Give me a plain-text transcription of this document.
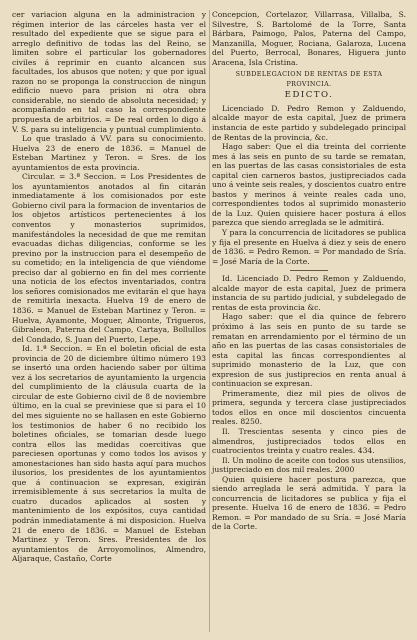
cer variacion alguna en la administracion y régimen interior de las cárceles hasta ver el resultado del expediente que se sigue para el arreglo definitivo de todas las del Reino, se limiten sobre el particular los gobernadores civiles á reprimir en cuanto alcancen sus facultades, los abusos que noten; y que por igual razon no se proponga la construccion de ningun edificio nuevo para prision ni otra obra considerable, no siendo de absoluta necesidad; y acompañando en tal caso la correspondiente propuesta de arbitrios. = De real orden lo digo á V. S. para su inteligencia y puntual cumplimiento.

Lo que traslado á VV. para su conocimiento. Huelva 23 de enero de 1836. = Manuel de Esteban Martinez y Teron. = Sres. de los ayuntamientos de esta provincia.

Circular. = 3.ª Seccion. = Los Presidentes de los ayuntamientos anotados al fin citarán inmediatamente á los comisionados por este Gobierno civil para la formacion de inventarios de los objetos artísticos pertenecientes á los conventos y monasterios suprimidos, manifestándoles la necesidad de que me remitan evacuadas dichas diligencias, conforme se les previno por la instruccion para el desempeño de su cometido; en la inteligencia de que viéndome preciso dar al gobierno en fin del mes corriente una noticia de los efectos inventariados, contra los señores comisionados me evitarán el que haya de remitirla inexacta. Huelva 19 de enero de 1836. = Manuel de Esteban Martinez y Teron. = Huelva, Ayamonte, Moguer, Almonte, Trigueros, Gibraleon, Paterna del Campo, Cartaya, Bollullos del Condado, S. Juan del Puerto, Lepe.

Id. 1.ª Seccion. = En el boletin oficial de esta provincia de 20 de diciembre último número 193 se insertó una orden haciendo saber por última vez á los secretarios de ayuntamiento la urgencia del cumplimiento de la cláusula cuarta de la circular de este Gobierno civil de 8 de noviembre último, en la cual se previniese que si para el 10 del mes siguiente no se hallasen en este Gobierno los testimonios de haber 6 no recibido los boletines oficiales, se tomarian desde luego contra ellos las medidas coercitivas que pareciesen oportunas y como todos los avisos y amonestaciones han sido hasta aquí para muchos ilusorios, los presidentes de los ayuntamientos que á continuacion se expresan, exigirán irremisiblemente á sus secretarios la multa de cuatro ducados aplicados al sosten y mantenimiento de los expósitos, cuya cantidad podrán inmediatamente á mi disposicion. Huelva 21 de enero de 1836. = Manuel de Esteban Martinez y Teron. Sres. Presidentes de los ayuntamientos de Arroyomolinos, Almendro, Aljaraque, Castaño, Corte

Concepcion, Cortelazor, Villarrasa, Villalba, S. Silvestre, S. Bartolomé de la Torre, Santa Bárbara, Paimogo, Palos, Paterna del Campo, Manzanilla, Moguer, Rociana, Galaroza, Lucena del Puerto, Berrocal, Bonares, Higuera junto Aracena, Isla Cristina.

SUBDELEGACION DE RENTAS DE ESTA PROVINCIA.
EDICTO.

Licenciado D. Pedro Remon y Zalduendo, alcalde mayor de esta capital, Juez de primera instancia de este partido y subdelegado principal de Rentas de la provincia, &c.

Hago saber: Que el dia treinta del corriente mes á las seis en punto de su tarde se rematan, en las puertas de las casas consistoriales de esta capital cien carneros bastos, justipreciados cada uno á veinte seis reales, y doscientos cuatro entre bastos y merinos á veinte reales cada uno, correspondientes todos al suprimido monasterio de la Luz. Quien quisiere hacer postura á ellos parezca que siendo arreglada se le admitirá.

Y para la concurrencia de licitadores se publica y fija el presente en Huelva á diez y seis de enero de 1836. = Pedro Remon. = Por mandado de Sría. = José María de la Corte.

Id. Licenciado D. Pedro Remon y Zalduendo, alcalde mayor de esta capital, Juez de primera instancia de su partido judicial, y subdelegado de rentas de esta provincia &c.

Hago saber: que el dia quince de febrero próximo á las seis en punto de su tarde se rematan en arrendamiento por el término de un año en las puertas de las casas consistoriales de esta capital las fincas correspondientes al suprimido monasterio de la Luz, que con expresion de sus justiprecios en renta anual á continuacion se expresan.

Primeramente, diez mil pies de olivos de primera, segunda y tercera clase justipreciados todos ellos en once mil doscientos cincuenta reales. 8250.

Il. Trescientas sesenta y cinco pies de almendros, justipreciados todos ellos en cuatrocientos treinta y cuatro reales. 434.

Il. Un molino de aceite con todos sus utensilios, justipreciado en dos mil reales. 2000

Quien quisiere hacer postura parezca, que siendo arreglada le será admitida. Y para la concurrencia de licitadores se publica y fija el presente. Huelva 16 de enero de 1836. = Pedro Remon. = Por mandado de su Sría. = José María de la Corte.
